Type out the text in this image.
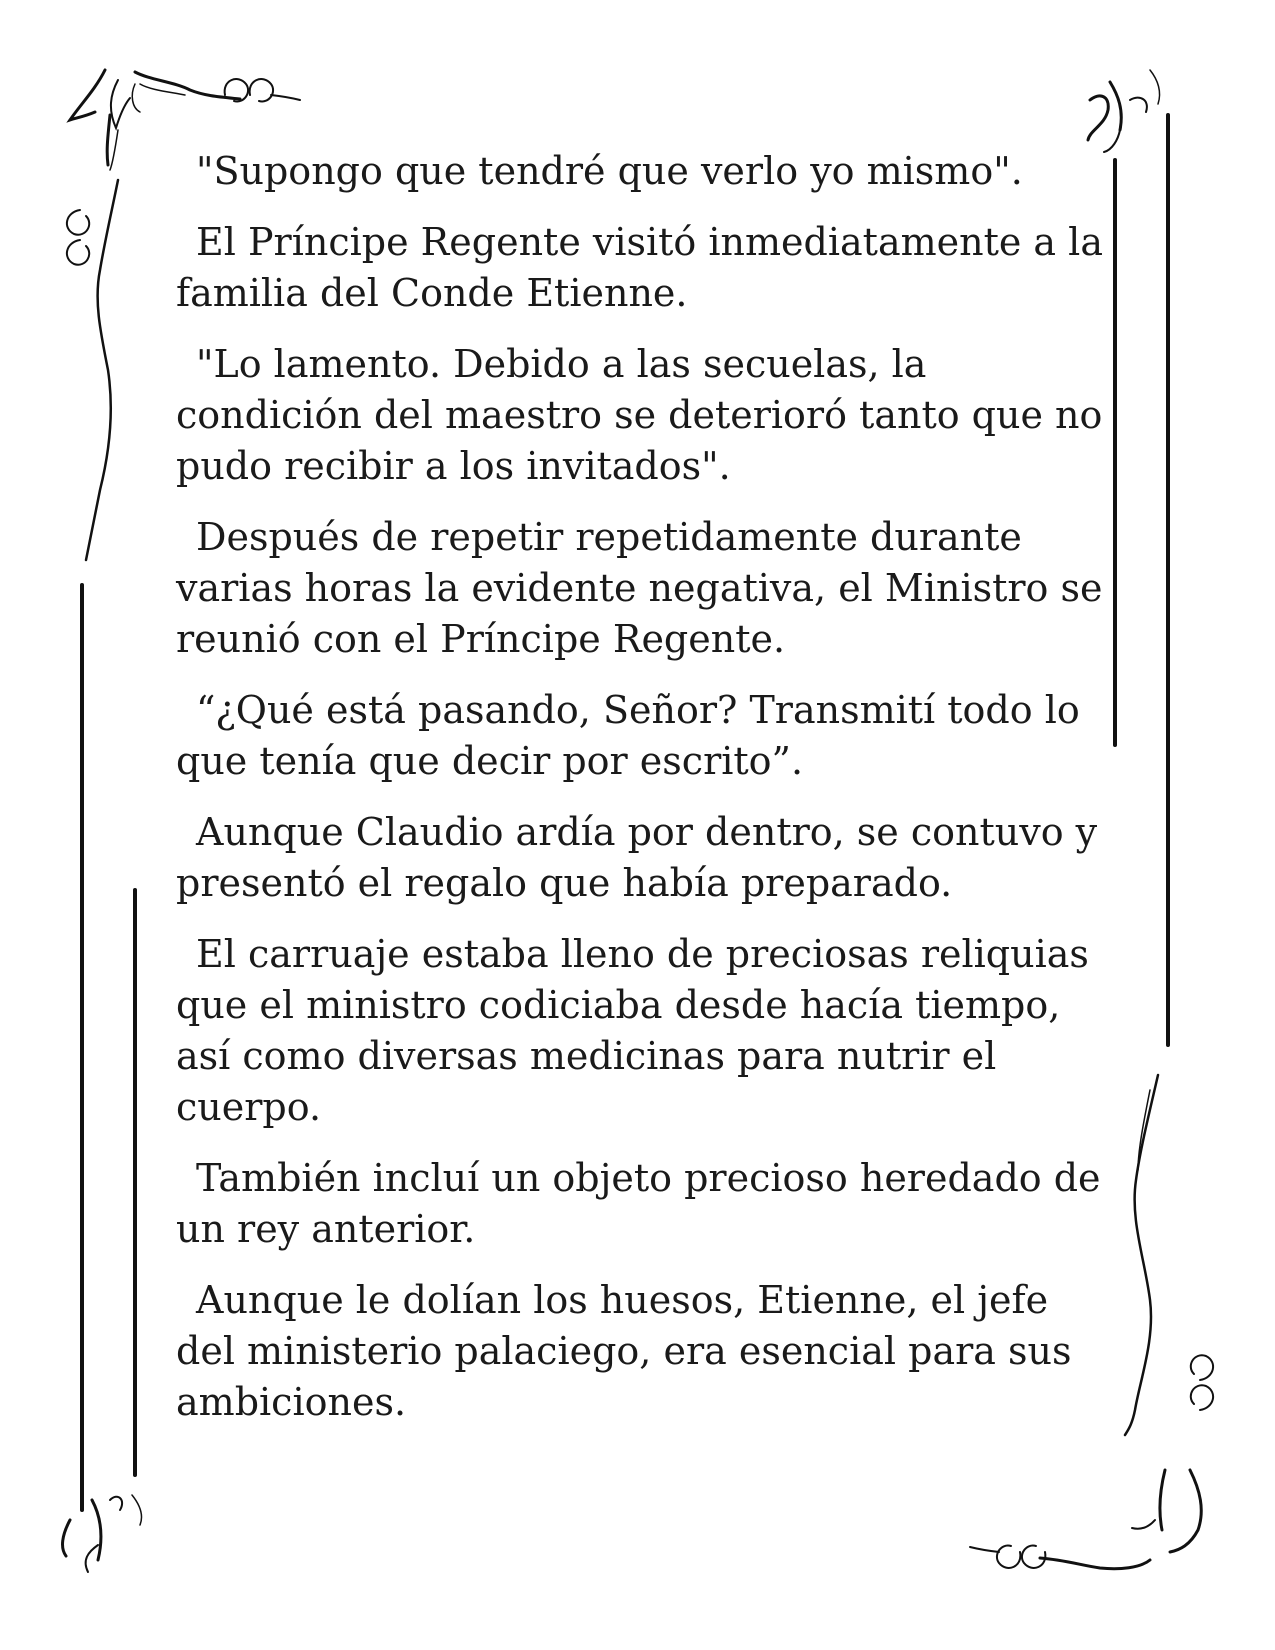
"Supongo que tendré que verlo yo mismo".

El Príncipe Regente visitó inmediatamente a la familia del Conde Etienne.

"Lo lamento. Debido a las secuelas, la condición del maestro se deterioró tanto que no pudo recibir a los invitados".

Después de repetir repetidamente durante varias horas la evidente negativa, el Ministro se reunió con el Príncipe Regente.

“¿Qué está pasando, Señor? Transmití todo lo que tenía que decir por escrito”.

Aunque Claudio ardía por dentro, se contuvo y presentó el regalo que había preparado.

El carruaje estaba lleno de preciosas reliquias que el ministro codiciaba desde hacía tiempo, así como diversas medicinas para nutrir el cuerpo.

También incluí un objeto precioso heredado de un rey anterior.

Aunque le dolían los huesos, Etienne, el jefe del ministerio palaciego, era esencial para sus ambiciones.
